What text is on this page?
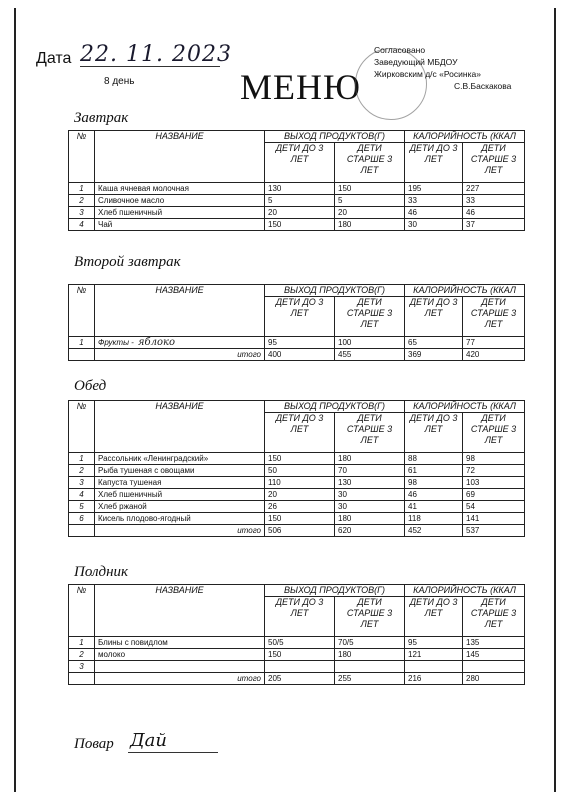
Дата 22. 11. 2023
8 день	МЕНЮ
Согласовано
Заведующий МБДОУ
Жирковским д/с «Росинка»
С.В.Баскакова
Завтрак
№	НАЗВАНИЕ	ВЫХОД ПРОДУКТОВ(Г)		КАЛОРИЙНОСТЬ (ККАЛ	
		ДЕТИ ДО 3 ЛЕТ	ДЕТИ СТАРШЕ 3 ЛЕТ	ДЕТИ ДО 3 ЛЕТ	ДЕТИ СТАРШЕ 3 ЛЕТ
1	Каша ячневая молочная	130	150	195	227
2	Сливочное масло	5	5	33	33
3	Хлеб пшеничный	20	20	46	46
4	Чай	150	180	30	37
Второй завтрак
№	НАЗВАНИЕ	ВЫХОД ПРОДУКТОВ(Г)		КАЛОРИЙНОСТЬ (ККАЛ	
		ДЕТИ ДО 3 ЛЕТ	ДЕТИ СТАРШЕ 3 ЛЕТ	ДЕТИ ДО 3 ЛЕТ	ДЕТИ СТАРШЕ 3 ЛЕТ
1	Фрукты - яблоко	95	100	65	77
	итого	400	455	369	420
Обед
№	НАЗВАНИЕ	ВЫХОД ПРОДУКТОВ(Г)		КАЛОРИЙНОСТЬ (ККАЛ	
		ДЕТИ ДО 3 ЛЕТ	ДЕТИ СТАРШЕ 3 ЛЕТ	ДЕТИ ДО 3 ЛЕТ	ДЕТИ СТАРШЕ 3 ЛЕТ
1	Рассольник «Ленинградский»	150	180	88	98
2	Рыба тушеная с овощами	50	70	61	72
3	Капуста тушеная	110	130	98	103
4	Хлеб пшеничный	20	30	46	69
5	Хлеб ржаной	26	30	41	54
6	Кисель плодово-ягодный	150	180	118	141
	итого	506	620	452	537
Полдник
№	НАЗВАНИЕ	ВЫХОД ПРОДУКТОВ(Г)		КАЛОРИЙНОСТЬ (ККАЛ	
		ДЕТИ ДО 3 ЛЕТ	ДЕТИ СТАРШЕ 3 ЛЕТ	ДЕТИ ДО 3 ЛЕТ	ДЕТИ СТАРШЕ 3 ЛЕТ
1	Блины с повидлом	50/5	70/5	95	135
2	молоко	150	180	121	145
3					
	итого	205	255	216	280
Повар Дай
